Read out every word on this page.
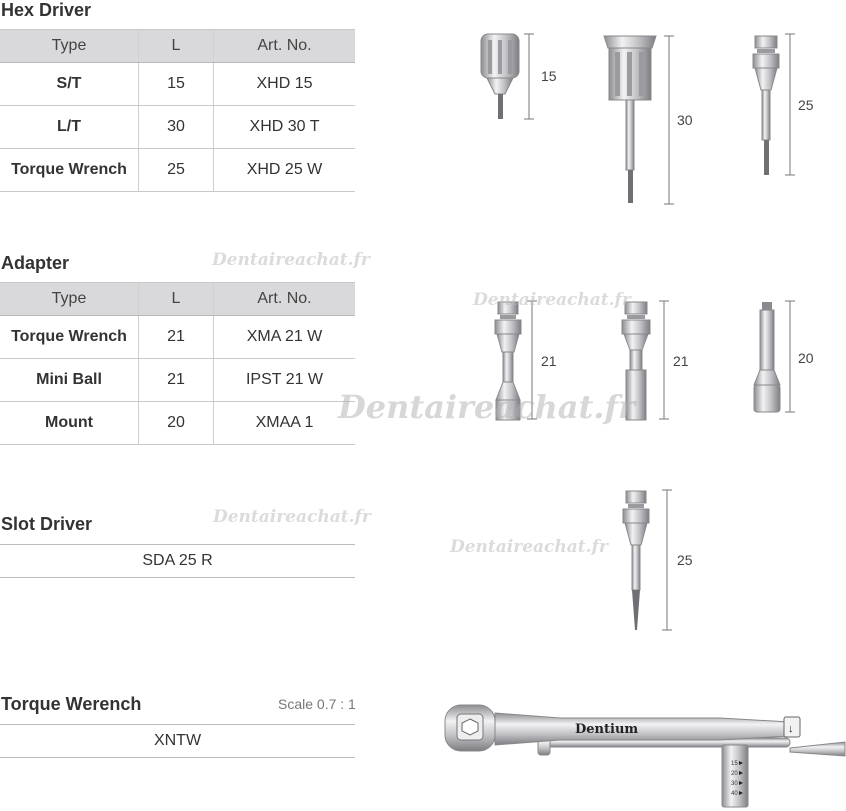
Hex Driver
Type	L	Art. No.
S/T	15	XHD 15
L/T	30	XHD 30 T
Torque Wrench	25	XHD 25 W
Adapter
Type	L	Art. No.
Torque Wrench	21	XMA 21 W
Mini Ball	21	IPST 21 W
Mount	20	XMAA 1
Slot Driver
SDA 25 R
Torque Werench	Scale 0.7 : 1
XNTW
15
30
25
21	21	20
25
Dentium	↓
15
20
30
40
Dentaireachat.fr
Dentaireachat.fr
Dentaireachat.fr
Dentaireachat.fr
Dentaireachat.fr
